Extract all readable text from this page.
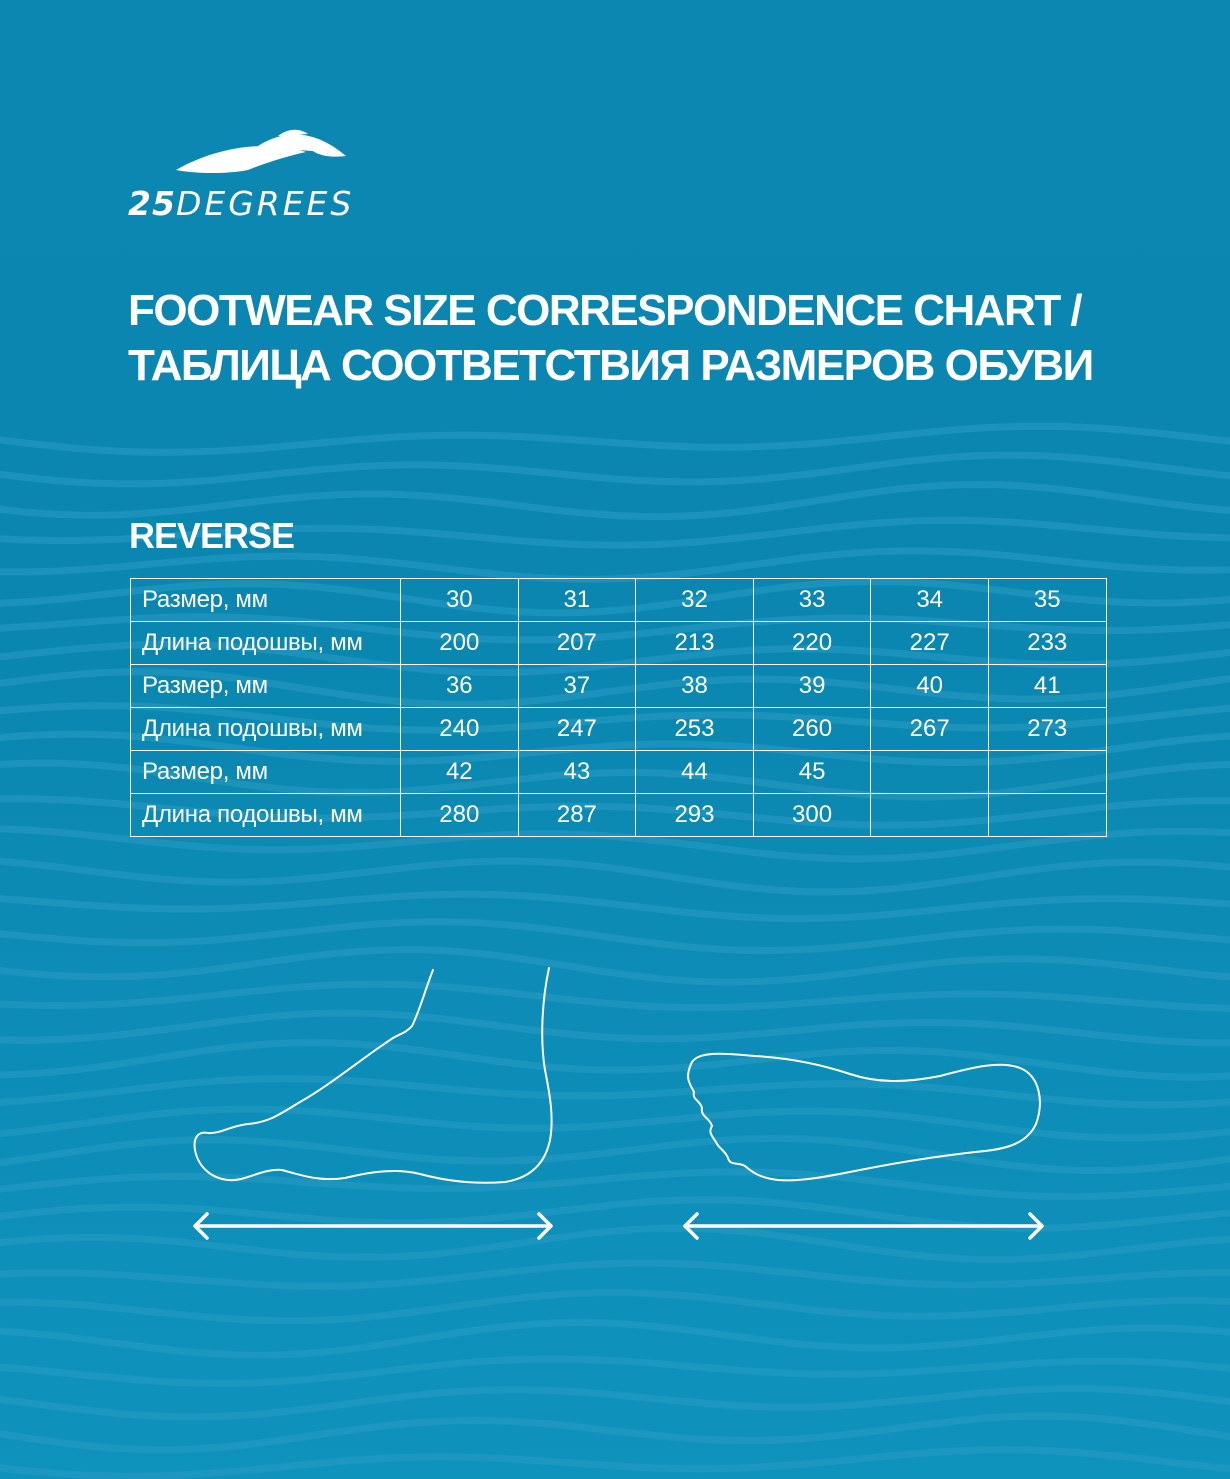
25DEGREES
FOOTWEAR SIZE CORRESPONDENCE CHART /
ТАБЛИЦА СООТВЕТСТВИЯ РАЗМЕРОВ ОБУВИ
REVERSE
Размер, мм	30	31	32	33	34	35
Длина подошвы, мм	200	207	213	220	227	233
Размер, мм	36	37	38	39	40	41
Длина подошвы, мм	240	247	253	260	267	273
Размер, мм	42	43	44	45		
Длина подошвы, мм	280	287	293	300		
